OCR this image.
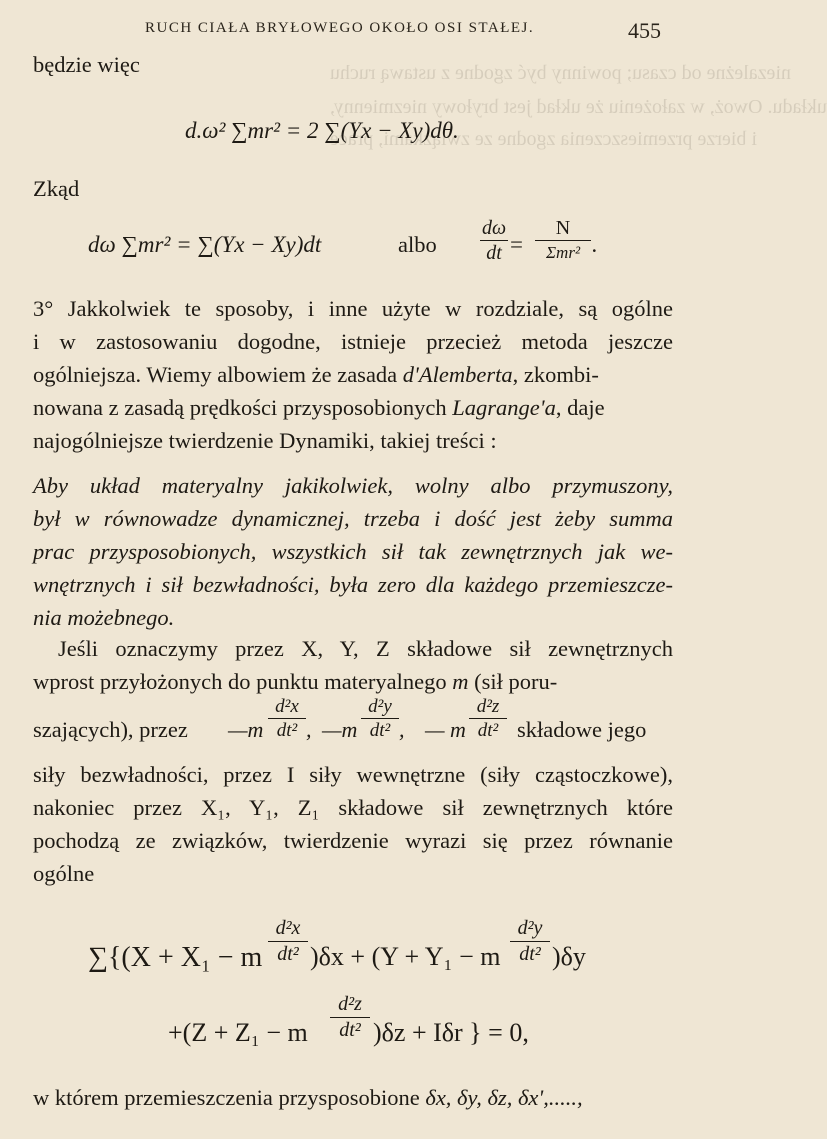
niezależne od czasu; powinny być zgodne z ustawą ruchu
układu. Owoż, w założeniu że układ jest bryłowy niezmienny,
i bierze przemieszczenia zgodne ze związkami, prace
RUCH CIAŁA BRYŁOWEGO OKOŁO OSI STAŁEJ.	455
będzie więc
d.ω² ∑mr² = 2 ∑(Yx − Xy)dθ.
Zkąd
dω ∑mr² = ∑(Yx − Xy)dt	albo $\frac{d\omega}{dt}$ =
N
Σmr² .
3° Jakkolwiek te sposoby, i inne użyte w rozdziale, są ogólne
i w zastosowaniu dogodne, istnieje przecież metoda jeszcze
ogólniejsza. Wiemy albowiem że zasada d'Alemberta, zkombi-
nowana z zasadą prędkości przysposobionych Lagrange'a, daje
najogólniejsze twierdzenie Dynamiki, takiej treści :
Aby układ materyalny jakikolwiek, wolny albo przymuszony,
był w równowadze dynamicznej, trzeba i dość jest żeby summa
prac przysposobionych, wszystkich sił tak zewnętrznych jak we-
wnętrznych i sił bezwładności, była zero dla każdego przemieszcze-
nia możebnego.
Jeśli oznaczymy przez X, Y, Z składowe sił zewnętrznych
wprost przyłożonych do punktu materyalnego m (sił poru-
szających), przez —m $\frac{\text{d²x}}{\text{dt²}}$ , —m $\frac{\text{d²y}}{\text{dt²}}$ , — m $\frac{\text{d²z}}{\text{dt²}}$ składowe jego
siły bezwładności, przez I siły wewnętrzne (siły cząstoczkowe),
nakoniec przez X₁, Y₁, Z₁ składowe sił zewnętrznych które
pochodzą ze związków, twierdzenie wyrazi się przez równanie
ogólne
∑{(X + X₁ − m $\frac{\text{d²x}}{\text{dt²}} )\delta x + (Y + Y_1 - m \frac{\text{d²y}}{\text{dt²}} )\delta y$
+(Z + Z₁ − m $\frac{\text{d²z}}{\text{dt²}} )\delta z + I\delta r$ } = 0,
w którem przemieszczenia przysposobione δx, δy, δz, δx',.....,
